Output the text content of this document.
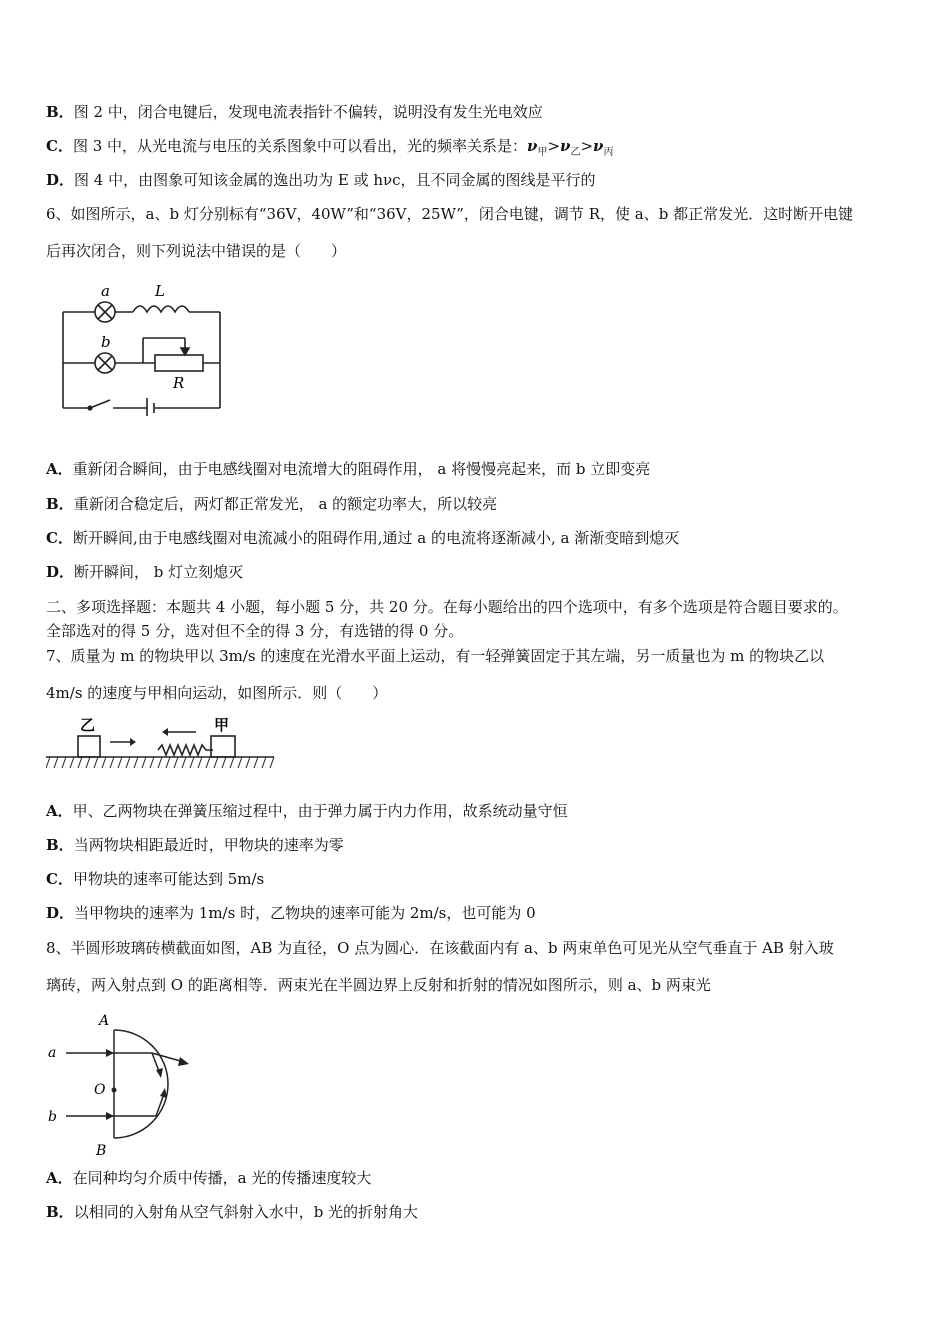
B．图 2 中，闭合电键后，发现电流表指针不偏转，说明没有发生光电效应
C．图 3 中，从光电流与电压的关系图象中可以看出，光的频率关系是：$\nu_甲>\nu_乙>\nu_丙$
D．图 4 中，由图象可知该金属的逸出功为 E 或 hνc，且不同金属的图线是平行的
6、如图所示，a、b 灯分别标有“36V，40W”和“36V，25W”，闭合电键，调节 R，使 a、b 都正常发光．这时断开电键
后再次闭合，则下列说法中错误的是（　　）
a	L
b
R
A．重新闭合瞬间，由于电感线圈对电流增大的阻碍作用， a 将慢慢亮起来，而 b 立即变亮
B．重新闭合稳定后，两灯都正常发光， a 的额定功率大，所以较亮
C．断开瞬间,由于电感线圈对电流减小的阻碍作用,通过 a 的电流将逐渐减小, a 渐渐变暗到熄灭
D．断开瞬间， b 灯立刻熄灭
二、多项选择题：本题共 4 小题，每小题 5 分，共 20 分。在每小题给出的四个选项中，有多个选项是符合题目要求的。
全部选对的得 5 分，选对但不全的得 3 分，有选错的得 0 分。
7、质量为 m 的物块甲以 3m/s 的速度在光滑水平面上运动，有一轻弹簧固定于其左端，另一质量也为 m 的物块乙以
4m/s 的速度与甲相向运动，如图所示．则（　　）
乙	甲
A．甲、乙两物块在弹簧压缩过程中，由于弹力属于内力作用，故系统动量守恒
B．当两物块相距最近时，甲物块的速率为零
C．甲物块的速率可能达到 5m/s
D．当甲物块的速率为 1m/s 时，乙物块的速率可能为 2m/s，也可能为 0
8、半圆形玻璃砖横截面如图，AB 为直径，O 点为圆心．在该截面内有 a、b 两束单色可见光从空气垂直于 AB 射入玻
璃砖，两入射点到 O 的距离相等．两束光在半圆边界上反射和折射的情况如图所示，则 a、b 两束光
A
B
O
a
b
A．在同种均匀介质中传播，a 光的传播速度较大
B．以相同的入射角从空气斜射入水中，b 光的折射角大
